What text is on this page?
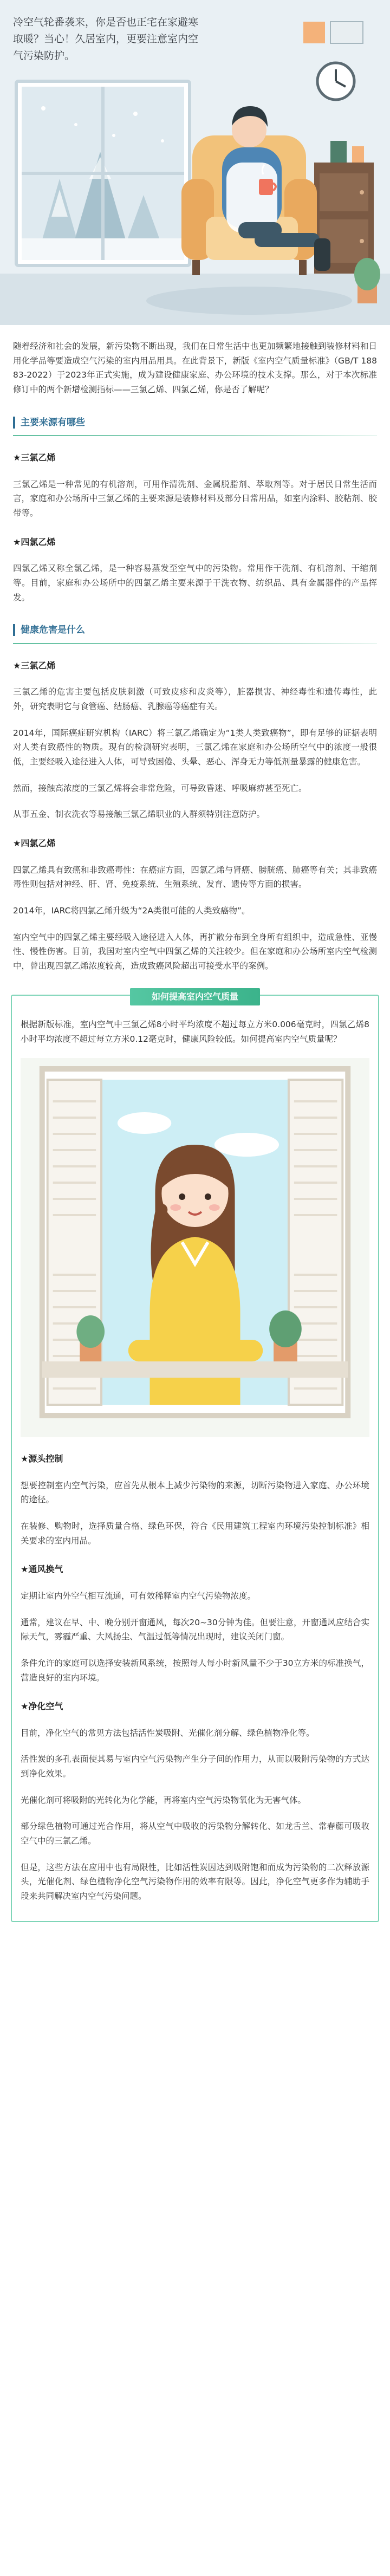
冷空气轮番袭来，你是否也正宅在家避寒取暖？当心！久居室内，更要注意室内空气污染防护。

随着经济和社会的发展，新污染物不断出现，我们在日常生活中也更加频繁地接触到装修材料和日用化学品等要造成空气污染的室内用品用具。在此背景下，新版《室内空气质量标准》（GB/T 18883-2022）于2023年正式实施，成为建设健康家庭、办公环境的技术支撑。那么，对于本次标准修订中的两个新增检测指标——三氯乙烯、四氯乙烯，你是否了解呢？

主要来源有哪些
★三氯乙烯

三氯乙烯是一种常见的有机溶剂，可用作清洗剂、金属脱脂剂、萃取剂等。对于居民日常生活而言，家庭和办公场所中三氯乙烯的主要来源是装修材料及部分日常用品，如室内涂料、胶粘剂、胶带等。

★四氯乙烯

四氯乙烯又称全氯乙烯，是一种容易蒸发至空气中的污染物。常用作干洗剂、有机溶剂、干缩剂等。目前，家庭和办公场所中的四氯乙烯主要来源于干洗衣物、纺织品、具有金属器件的产品挥发。

健康危害是什么
★三氯乙烯

三氯乙烯的危害主要包括皮肤刺激（可致皮疹和皮炎等），脏器损害、神经毒性和遗传毒性，此外，研究表明它与食管癌、结肠癌、乳腺癌等癌症有关。

2014年，国际癌症研究机构（IARC）将三氯乙烯确定为“1类人类致癌物”，即有足够的证据表明对人类有致癌性的物质。现有的检测研究表明，三氯乙烯在家庭和办公场所空气中的浓度一般很低，主要经吸入途径进入人体，可导致困倦、头晕、恶心、浑身无力等低剂量暴露的健康危害。

然而，接触高浓度的三氯乙烯将会非常危险，可导致昏迷、呼吸麻痹甚至死亡。

从事五金、制衣洗衣等易接触三氯乙烯职业的人群须特别注意防护。

★四氯乙烯

四氯乙烯具有致癌和非致癌毒性：在癌症方面，四氯乙烯与肾癌、膀胱癌、肺癌等有关；其非致癌毒性则包括对神经、肝、肾、免疫系统、生殖系统、发育、遗传等方面的损害。

2014年，IARC将四氯乙烯升级为“2A类很可能的人类致癌物”。

室内空气中的四氯乙烯主要经吸入途径进入人体，再扩散分布到全身所有组织中，造成急性、亚慢性、慢性伤害。目前，我国对室内空气中四氯乙烯的关注较少。但在家庭和办公场所室内空气检测中，曾出现四氯乙烯浓度较高，造成致癌风险超出可接受水平的案例。

如何提高室内空气质量

根据新版标准，室内空气中三氯乙烯8小时平均浓度不超过每立方米0.006毫克时，四氯乙烯8小时平均浓度不超过每立方米0.12毫克时，健康风险较低。如何提高室内空气质量呢？

★源头控制

想要控制室内空气污染，应首先从根本上减少污染物的来源，切断污染物进入家庭、办公环境的途径。

在装修、购物时，选择质量合格、绿色环保，符合《民用建筑工程室内环境污染控制标准》相关要求的室内用品。

★通风换气

定期让室内外空气相互流通，可有效稀释室内空气污染物浓度。

通常，建议在早、中、晚分别开窗通风，每次20~30分钟为佳。但要注意，开窗通风应结合实际天气，雾霾严重、大风扬尘、气温过低等情况出现时，建议关闭门窗。

条件允许的家庭可以选择安装新风系统，按照每人每小时新风量不少于30立方米的标准换气，营造良好的室内环境。

★净化空气

目前，净化空气的常见方法包括活性炭吸附、光催化剂分解、绿色植物净化等。

活性炭的多孔表面使其易与室内空气污染物产生分子间的作用力，从而以吸附污染物的方式达到净化效果。

光催化剂可将吸附的光转化为化学能，再将室内空气污染物氧化为无害气体。

部分绿色植物可通过光合作用，将从空气中吸收的污染物分解转化、如龙舌兰、常春藤可吸收空气中的三氯乙烯。

但是，这些方法在应用中也有局限性，比如活性炭因达到吸附饱和而成为污染物的二次释放源头，光催化剂、绿色植物净化空气污染物作用的效率有限等。因此，净化空气更多作为辅助手段来共同解决室内空气污染问题。
